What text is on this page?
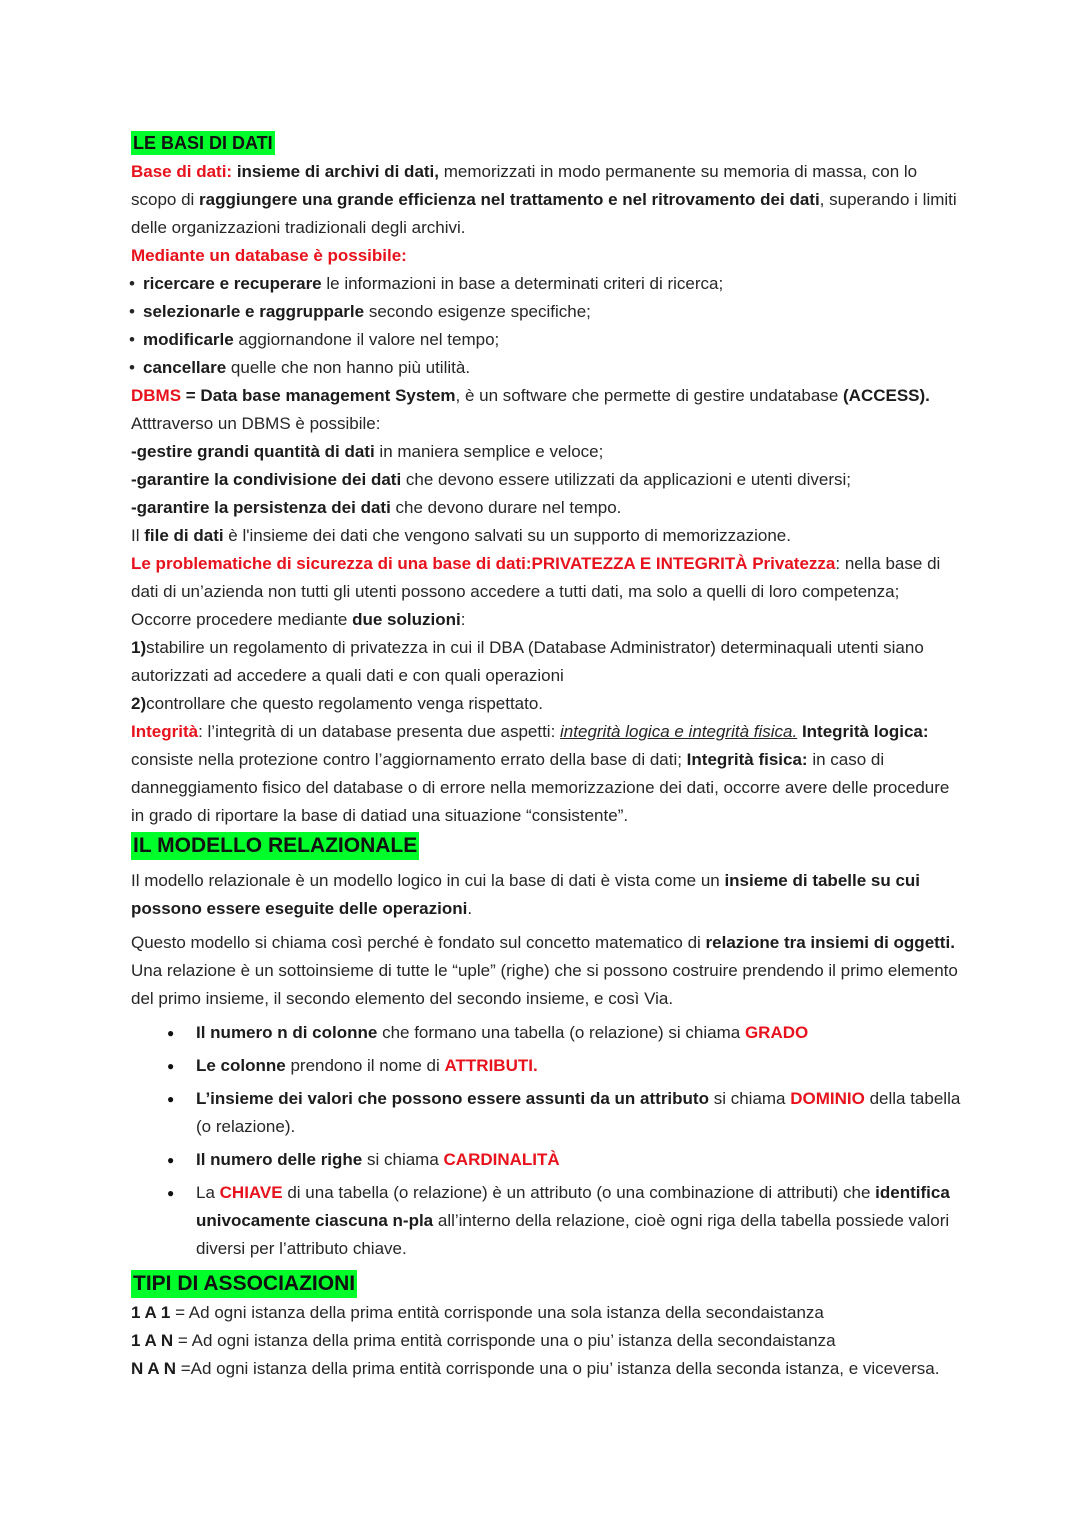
LE BASI DI DATI

Base di dati: insieme di archivi di dati, memorizzati in modo permanente su memoria di massa, con lo scopo di raggiungere una grande efficienza nel trattamento e nel ritrovamento dei dati, superando i limiti delle organizzazioni tradizionali degli archivi.

Mediante un database è possibile:

• ricercare e recuperare le informazioni in base a determinati criteri di ricerca;
• selezionarle e raggrupparle secondo esigenze specifiche;
• modificarle aggiornandone il valore nel tempo;
• cancellare quelle che non hanno più utilità.

DBMS = Data base management System, è un software che permette di gestire undatabase (ACCESS).

Atttraverso un DBMS è possibile:

-gestire grandi quantità di dati in maniera semplice e veloce;

-garantire la condivisione dei dati che devono essere utilizzati da applicazioni e utenti diversi;

-garantire la persistenza dei dati che devono durare nel tempo.

Il file di dati è l'insieme dei dati che vengono salvati su un supporto di memorizzazione.

Le problematiche di sicurezza di una base di dati:PRIVATEZZA E INTEGRITÀ Privatezza: nella base di dati di un’azienda non tutti gli utenti possono accedere a tutti dati, ma solo a quelli di loro competenza;

Occorre procedere mediante due soluzioni:

1)stabilire un regolamento di privatezza in cui il DBA (Database Administrator) determinaquali utenti siano autorizzati ad accedere a quali dati e con quali operazioni

2)controllare che questo regolamento venga rispettato.

Integrità: l’integrità di un database presenta due aspetti: integrità logica e integrità fisica. Integrità logica: consiste nella protezione contro l’aggiornamento errato della base di dati; Integrità fisica: in caso di danneggiamento fisico del database o di errore nella memorizzazione dei dati, occorre avere delle procedure in grado di riportare la base di datiad una situazione “consistente”.

IL MODELLO RELAZIONALE

Il modello relazionale è un modello logico in cui la base di dati è vista come un insieme di tabelle su cui possono essere eseguite delle operazioni.

Questo modello si chiama così perché è fondato sul concetto matematico di relazione tra insiemi di oggetti. Una relazione è un sottoinsieme di tutte le “uple” (righe) che si possono costruire prendendo il primo elemento del primo insieme, il secondo elemento del secondo insieme, e così Via.

● Il numero n di colonne che formano una tabella (o relazione) si chiama GRADO
● Le colonne prendono il nome di ATTRIBUTI.
● L’insieme dei valori che possono essere assunti da un attributo si chiama DOMINIO della tabella (o relazione).
● Il numero delle righe si chiama CARDINALITÀ
● La CHIAVE di una tabella (o relazione) è un attributo (o una combinazione di attributi) che identifica univocamente ciascuna n-pla all’interno della relazione, cioè ogni riga della tabella possiede valori diversi per l’attributo chiave.
TIPI DI ASSOCIAZIONI

1 A 1 = Ad ogni istanza della prima entità corrisponde una sola istanza della secondaistanza

1 A N = Ad ogni istanza della prima entità corrisponde una o piu’ istanza della secondaistanza

N A N =Ad ogni istanza della prima entità corrisponde una o piu’ istanza della seconda istanza, e viceversa.
